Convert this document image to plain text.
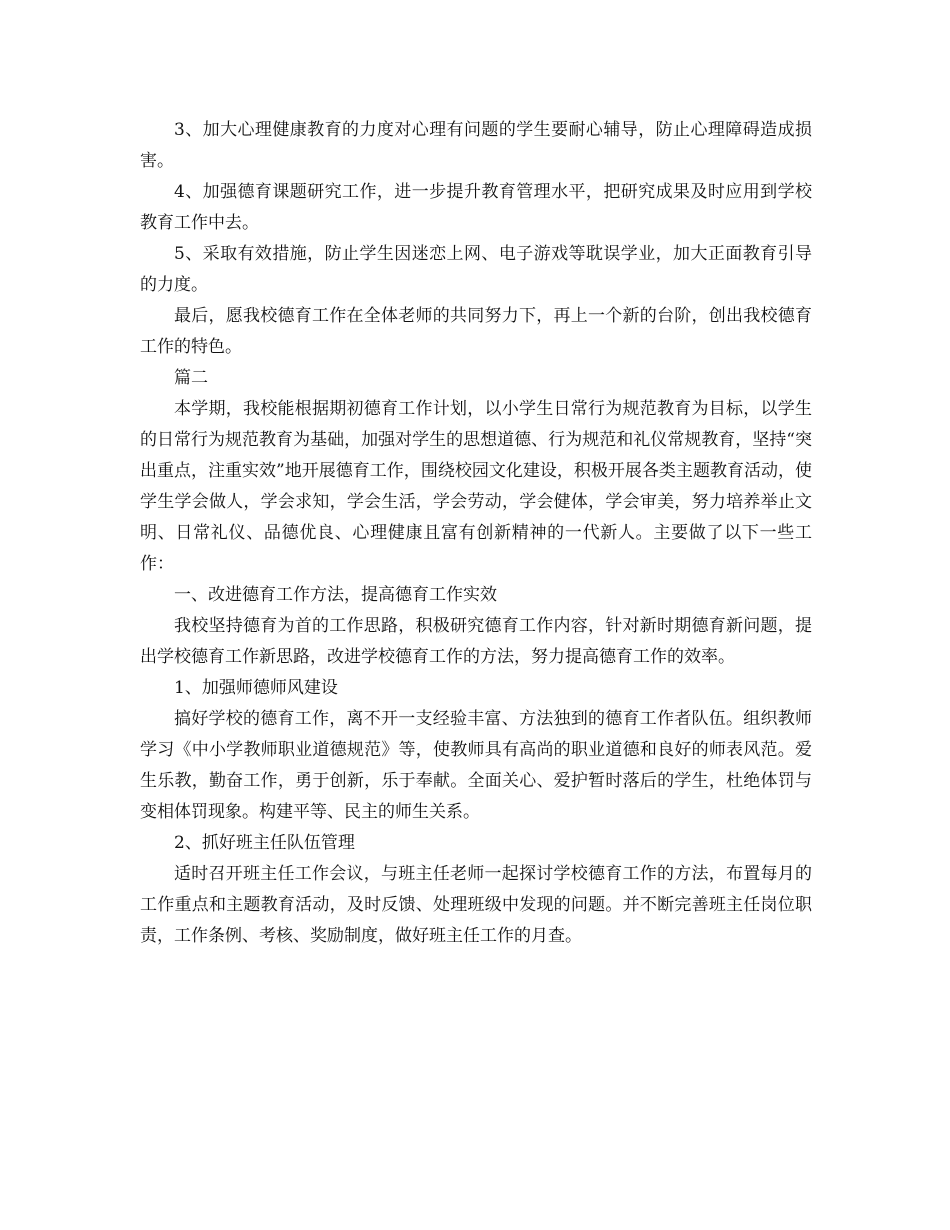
3、加大心理健康教育的力度对心理有问题的学生要耐心辅导，防止心理障碍造成损害。

4、加强德育课题研究工作，进一步提升教育管理水平，把研究成果及时应用到学校教育工作中去。

5、采取有效措施，防止学生因迷恋上网、电子游戏等耽误学业，加大正面教育引导的力度。

最后，愿我校德育工作在全体老师的共同努力下，再上一个新的台阶，创出我校德育工作的特色。

篇二

本学期，我校能根据期初德育工作计划，以小学生日常行为规范教育为目标，以学生的日常行为规范教育为基础，加强对学生的思想道德、行为规范和礼仪常规教育，坚持“突出重点，注重实效”地开展德育工作，围绕校园文化建设，积极开展各类主题教育活动，使学生学会做人，学会求知，学会生活，学会劳动，学会健体，学会审美，努力培养举止文明、日常礼仪、品德优良、心理健康且富有创新精神的一代新人。主要做了以下一些工作：

一、改进德育工作方法，提高德育工作实效

我校坚持德育为首的工作思路，积极研究德育工作内容，针对新时期德育新问题，提出学校德育工作新思路，改进学校德育工作的方法，努力提高德育工作的效率。

1、加强师德师风建设

搞好学校的德育工作，离不开一支经验丰富、方法独到的德育工作者队伍。组织教师学习《中小学教师职业道德规范》等，使教师具有高尚的职业道德和良好的师表风范。爱生乐教，勤奋工作，勇于创新，乐于奉献。全面关心、爱护暂时落后的学生，杜绝体罚与变相体罚现象。构建平等、民主的师生关系。

2、抓好班主任队伍管理

适时召开班主任工作会议，与班主任老师一起探讨学校德育工作的方法，布置每月的工作重点和主题教育活动，及时反馈、处理班级中发现的问题。并不断完善班主任岗位职责，工作条例、考核、奖励制度，做好班主任工作的月查。
